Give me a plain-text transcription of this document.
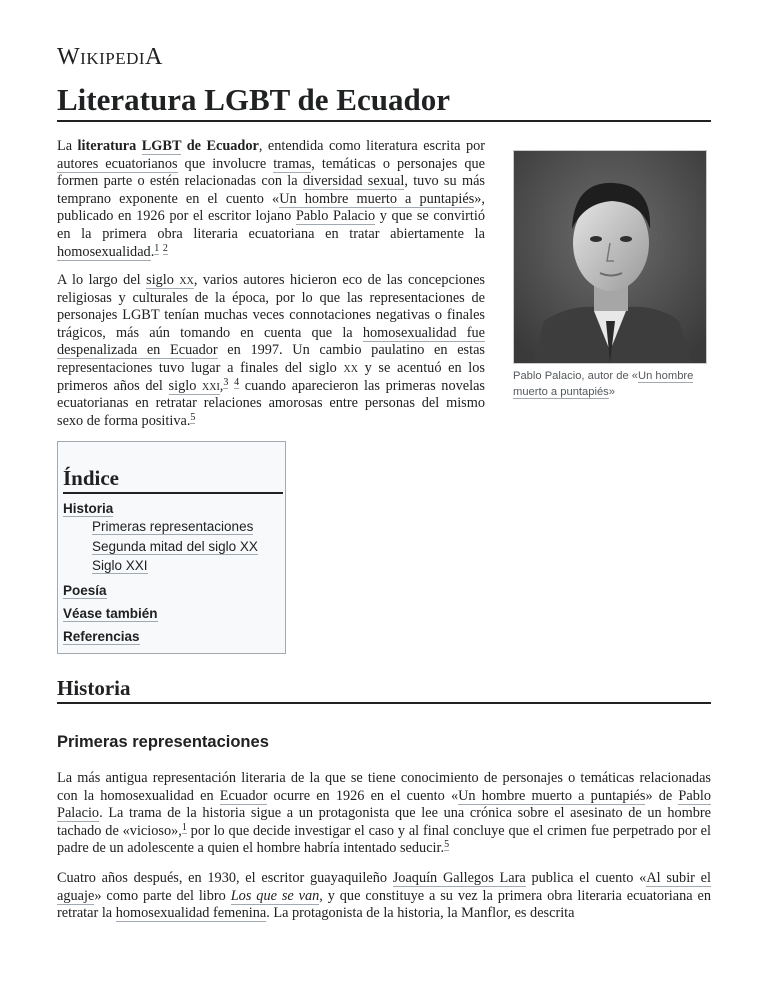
WIKIPEDIA
Literatura LGBT de Ecuador

La literatura LGBT de Ecuador, entendida como literatura escrita por autores ecuatorianos que involucre tramas, temáticas o personajes que formen parte o estén relacionadas con la diversidad sexual, tuvo su más temprano exponente en el cuento «Un hombre muerto a puntapiés», publicado en 1926 por el escritor lojano Pablo Palacio y que se convirtió en la primera obra literaria ecuatoriana en tratar abiertamente la homosexualidad.$^1$ $^2$

A lo largo del siglo xx, varios autores hicieron eco de las concepciones religiosas y culturales de la época, por lo que las representaciones de personajes LGBT tenían muchas veces connotaciones negativas o finales trágicos, más aún tomando en cuenta que la homosexualidad fue despenalizada en Ecuador en 1997. Un cambio paulatino en estas representaciones tuvo lugar a finales del siglo xx y se acentuó en los primeros años del siglo xxi,$^3$ $^4$ cuando aparecieron las primeras novelas ecuatorianas en retratar relaciones amorosas entre personas del mismo sexo de forma positiva.$^5$

Pablo Palacio, autor de «Un hombre muerto a puntapiés»
Índice
Historia
Primeras representaciones
Segunda mitad del siglo XX
Siglo XXI
Poesía
Véase también
Referencias
Historia
Primeras representaciones

La más antigua representación literaria de la que se tiene conocimiento de personajes o temáticas relacionadas con la homosexualidad en Ecuador ocurre en 1926 en el cuento «Un hombre muerto a puntapiés» de Pablo Palacio. La trama de la historia sigue a un protagonista que lee una crónica sobre el asesinato de un hombre tachado de «vicioso»,$^1$ por lo que decide investigar el caso y al final concluye que el crimen fue perpetrado por el padre de un adolescente a quien el hombre habría intentado seducir.$^5$

Cuatro años después, en 1930, el escritor guayaquileño Joaquín Gallegos Lara publica el cuento «Al subir el aguaje» como parte del libro Los que se van, y que constituye a su vez la primera obra literaria ecuatoriana en retratar la homosexualidad femenina. La protagonista de la historia, la Manflor, es descrita
